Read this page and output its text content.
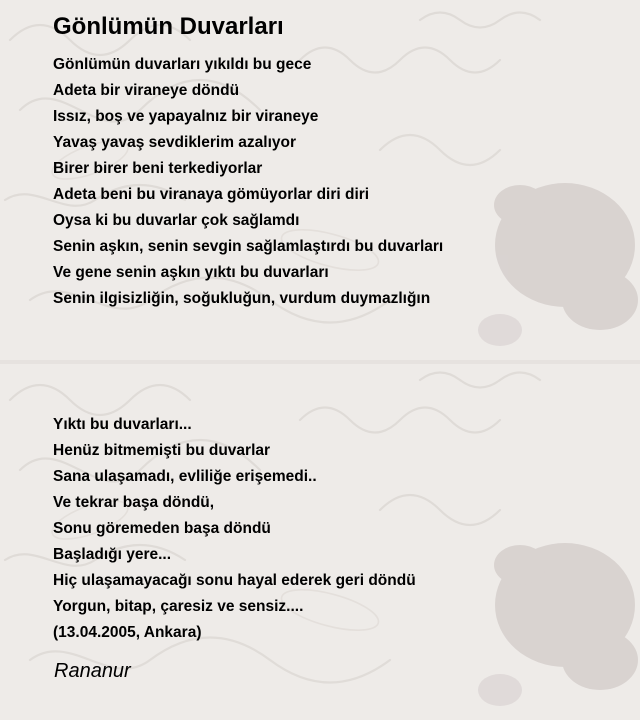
Gönlümün Duvarları
Gönlümün duvarları yıkıldı bu gece
Adeta bir viraneye döndü
Issız, boş ve yapayalnız bir viraneye
Yavaş yavaş sevdiklerim azalıyor
Birer birer beni terkediyorlar
Adeta beni bu viranaya gömüyorlar diri diri
Oysa ki bu duvarlar çok sağlamdı
Senin aşkın, senin sevgin sağlamlaştırdı bu duvarları
Ve gene senin aşkın yıktı bu duvarları
Senin ilgisizliğin, soğukluğun, vurdum duymazlığın
Yıktı bu duvarları...
Henüz bitmemişti bu duvarlar
Sana ulaşamadı, evliliğe erişemedi..
Ve tekrar başa döndü,
Sonu göremeden başa döndü
Başladığı yere...
Hiç ulaşamayacağı sonu hayal ederek geri döndü
Yorgun, bitap, çaresiz ve sensiz....
(13.04.2005, Ankara)
Rananur
